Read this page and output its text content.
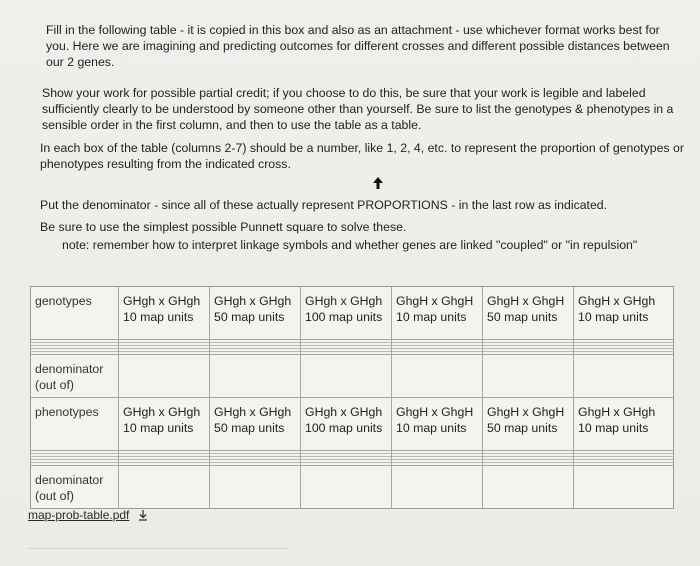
Fill in the following table - it is copied in this box and also as an attachment - use whichever format works best for you. Here we are imagining and predicting outcomes for different crosses and different possible distances between our 2 genes.

Show your work for possible partial credit; if you choose to do this, be sure that your work is legible and labeled sufficiently clearly to be understood by someone other than yourself. Be sure to list the genotypes & phenotypes in a sensible order in the first column, and then to use the table as a table.

In each box of the table (columns 2-7) should be a number, like 1, 2, 4, etc. to represent the proportion of genotypes or phenotypes resulting from the indicated cross.

Put the denominator - since all of these actually represent PROPORTIONS - in the last row as indicated.

Be sure to use the simplest possible Punnett square to solve these.

note: remember how to interpret linkage symbols and whether genes are linked "coupled" or "in repulsion"

genotypes	GHgh x GHgh
10 map units
GHgh x GHgh
50 map units
GHgh x GHgh
100 map units
GhgH x GhgH
10 map units
GhgH x GhgH
50 map units
GhgH x GHgh
10 map units
denominator
(out of)
phenotypes	GHgh x GHgh
10 map units
GHgh x GHgh
50 map units
GHgh x GHgh
100 map units
GhgH x GhgH
10 map units
GhgH x GhgH
50 map units
GhgH x GHgh
10 map units
denominator
(out of)
map-prob-table.pdf
